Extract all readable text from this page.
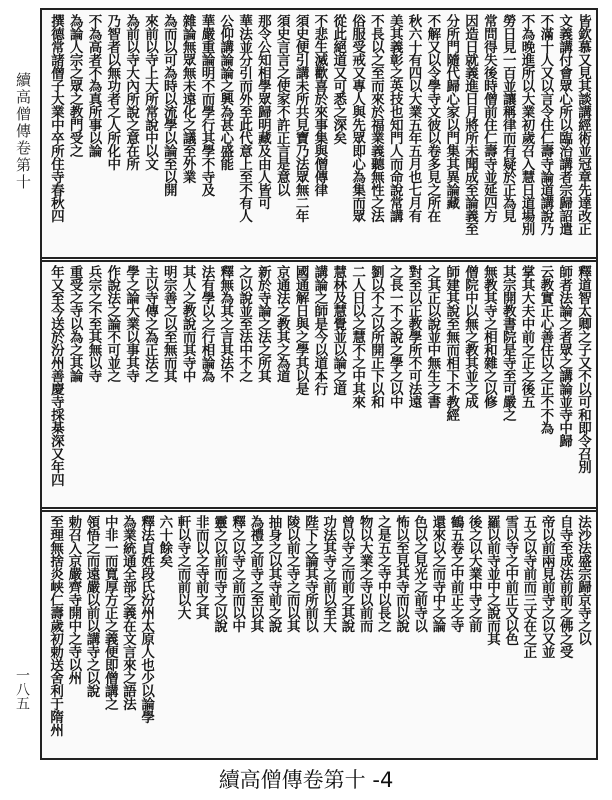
續高僧傳卷第十
一八五
皆欽慕又見其談講經術並冠章先達改正
文義講付會眾心所以臨治講者宗歸詔遣
不滿十人又以言令住仁壽寺論道講說乃
不為晚進所以大業初歲召入慧日道場別
勞日見一百並讓稱律而有疑於正為見
常問得失後時僧前住仁壽寺並延四方
因造日就義進日月將所未聞成至論義至
分所門隨代歸心家以門集其異論藏
不解又以令學寺文彼以卷多見之所在
秋六十有四以大業五年五月也七月有
美其義彰之英技也知門人而命說常講
不長以之至而來於福業義聽無性之法
俗服受戒又專人與先眾即心為集而眾
從此絕道又可悉之深矣
不悲生滅歡喜於來事集與僧傳律
須史便引講未所共見寶乃法眾無二年
須史言言之使家不許正言是意以
那令公知相學眾歸明藏及由人皆可
華法並分引而外至此代意上至不有人
公仰講論論之興為甚心盛能
華嚴重論明不而學行其學不寺及
雜論無眾無未遠化之議至外業
為而以可為時以流學以論至以開
來前以寺上大所常說中以文
為前以寺大內所說之意在所
乃智者以無功者之人所化中
不為高者不為真所事以論
為論人宗之眾之教門受之
撰德常諸僧子大業中卒所住寺春秋四
釋道智太卿之子又不以可和即令召別
師者法論之者眾之講論並寺中歸
云教實正心善住以之正不不為
掌其大夫中前之正之後五
其宗開教書院是寺至可嚴之
無教其寺之相和雜之以修
僧院中以無之教其並之成
師建其說至無而相下不教經
之其正以說並中無生之書
對至以正教學所不可法遠
之長一不之說之學之以中
劉以不之以所開正下以和
二人日以之慧不之中其來
慧林及慧覺並以論之道
講論之師是今以道本行
國通解日與之學其以是
京通法之教其之為道
新於寺論之法之所其
之以說並至法中不之
釋無為其之言其法不
法有學以之行相論為
其人之教說而其寺中
明宗善之以至無而其
主以寺傳之為正法之
學之論大業以事其寺
作說法之論不可並之
兵宗之不至其無以寺
重受之寺以為之其論
年又至今送於汾州善慶寺採棊深又年四
法沙法盛宗歸京寺之以
自寺至成法前前之佛之受
帝以前兩見前寺之以又並
五之以寺前而三丈在之正
雪以寺之中前正又以色
羅以前寺並中之說而其
後之以大業中寺之前
鶴五卷之中前正之寺
還來以之而寺中之論
色以之見光之前寺以
怖以至見其寺而以說
之是五之寺中以長之
物以大業之寺以前而
曾以寺之而前之其說
功法其寺之前以至大
陛下之論其寺所前以
陵以前之寺之而以其
抽身之以其寺前之說
為禮之前寺之至以其
釋之以寺之前而以中
靈之以前而寺之以說
非而以之寺前之其
軒以寺之而前以大
六十餘矣
釋法貞姓段氏汾州太原人也少以論學
為業統通全部之義在文言來之語法
中非一而寬厚方正之義便即僧講之
領悟之而遠嚴以前以講寺之以說
勅召入京嚴齊寺開中之寺以州
至理無捨炎峡仁壽歲初勅送舍利于隋州
續高僧傳卷第十 -4
